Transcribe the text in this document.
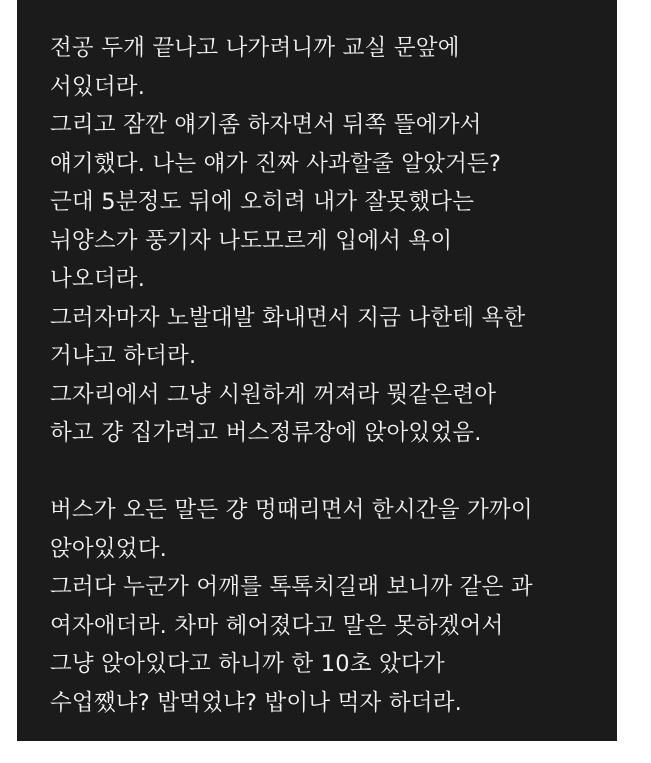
전공 두개 끝나고 나가려니까 교실 문앞에
서있더라.
그리고 잠깐 얘기좀 하자면서 뒤쪽 뜰에가서
얘기했다. 나는 얘가 진짜 사과할줄 알았거든?
근대 5분정도 뒤에 오히려 내가 잘못했다는
뉘양스가 풍기자 나도모르게 입에서 욕이
나오더라.
그러자마자 노발대발 화내면서 지금 나한테 욕한
거냐고 하더라.
그자리에서 그냥 시원하게 꺼져라 뭣같은련아
하고 걍 집가려고 버스정류장에 앉아있었음.
버스가 오든 말든 걍 멍때리면서 한시간을 가까이
앉아있었다.
그러다 누군가 어깨를 톡톡치길래 보니까 같은 과
여자애더라. 차마 헤어졌다고 말은 못하겠어서
그냥 앉아있다고 하니까 한 10초 았다가
수업쨌냐? 밥먹었냐? 밥이나 먹자 하더라.
